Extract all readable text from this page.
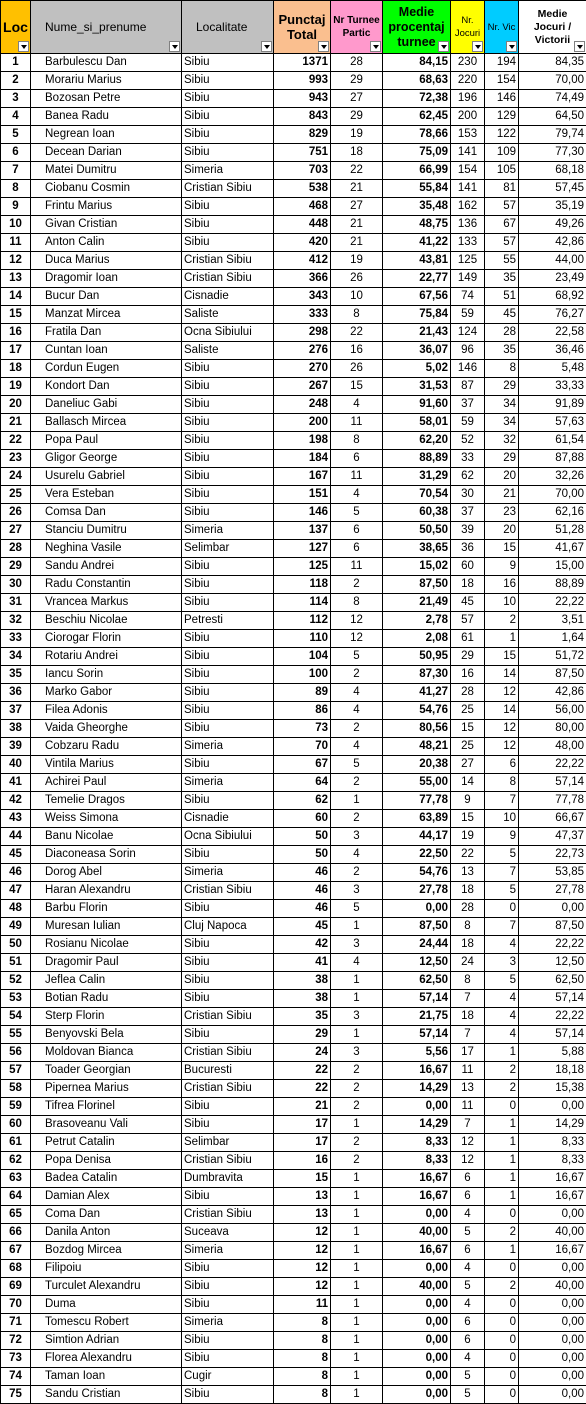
Loc	Nume_si_prenume	Localitate	Punctaj Total	Nr Turnee Partic	Medie procentaj turnee	Nr. Jocuri	Nr. Vic	Medie Jocuri / Victorii

1	Barbulescu Dan	Sibiu	1371	28	84,15	230	194	84,35
2	Morariu Marius	Sibiu	993	29	68,63	220	154	70,00
3	Bozosan Petre	Sibiu	943	27	72,38	196	146	74,49
4	Banea Radu	Sibiu	843	29	62,45	200	129	64,50
5	Negrean Ioan	Sibiu	829	19	78,66	153	122	79,74
6	Decean Darian	Sibiu	751	18	75,09	141	109	77,30
7	Matei Dumitru	Simeria	703	22	66,99	154	105	68,18
8	Ciobanu Cosmin	Cristian Sibiu	538	21	55,84	141	81	57,45
9	Frintu Marius	Sibiu	468	27	35,48	162	57	35,19
10	Givan Cristian	Sibiu	448	21	48,75	136	67	49,26
11	Anton Calin	Sibiu	420	21	41,22	133	57	42,86
12	Duca Marius	Cristian Sibiu	412	19	43,81	125	55	44,00
13	Dragomir Ioan	Cristian Sibiu	366	26	22,77	149	35	23,49
14	Bucur Dan	Cisnadie	343	10	67,56	74	51	68,92
15	Manzat Mircea	Saliste	333	8	75,84	59	45	76,27
16	Fratila Dan	Ocna Sibiului	298	22	21,43	124	28	22,58
17	Cuntan Ioan	Saliste	276	16	36,07	96	35	36,46
18	Cordun Eugen	Sibiu	270	26	5,02	146	8	5,48
19	Kondort Dan	Sibiu	267	15	31,53	87	29	33,33
20	Daneliuc Gabi	Sibiu	248	4	91,60	37	34	91,89
21	Ballasch Mircea	Sibiu	200	11	58,01	59	34	57,63
22	Popa Paul	Sibiu	198	8	62,20	52	32	61,54
23	Gligor George	Sibiu	184	6	88,89	33	29	87,88
24	Usurelu Gabriel	Sibiu	167	11	31,29	62	20	32,26
25	Vera Esteban	Sibiu	151	4	70,54	30	21	70,00
26	Comsa Dan	Sibiu	146	5	60,38	37	23	62,16
27	Stanciu Dumitru	Simeria	137	6	50,50	39	20	51,28
28	Neghina Vasile	Selimbar	127	6	38,65	36	15	41,67
29	Sandu Andrei	Sibiu	125	11	15,02	60	9	15,00
30	Radu Constantin	Sibiu	118	2	87,50	18	16	88,89
31	Vrancea Markus	Sibiu	114	8	21,49	45	10	22,22
32	Beschiu Nicolae	Petresti	112	12	2,78	57	2	3,51
33	Ciorogar Florin	Sibiu	110	12	2,08	61	1	1,64
34	Rotariu Andrei	Sibiu	104	5	50,95	29	15	51,72
35	Iancu Sorin	Sibiu	100	2	87,30	16	14	87,50
36	Marko Gabor	Sibiu	89	4	41,27	28	12	42,86
37	Filea Adonis	Sibiu	86	4	54,76	25	14	56,00
38	Vaida Gheorghe	Sibiu	73	2	80,56	15	12	80,00
39	Cobzaru Radu	Simeria	70	4	48,21	25	12	48,00
40	Vintila Marius	Sibiu	67	5	20,38	27	6	22,22
41	Achirei Paul	Simeria	64	2	55,00	14	8	57,14
42	Temelie Dragos	Sibiu	62	1	77,78	9	7	77,78
43	Weiss Simona	Cisnadie	60	2	63,89	15	10	66,67
44	Banu Nicolae	Ocna Sibiului	50	3	44,17	19	9	47,37
45	Diaconeasa Sorin	Sibiu	50	4	22,50	22	5	22,73
46	Dorog Abel	Simeria	46	2	54,76	13	7	53,85
47	Haran Alexandru	Cristian Sibiu	46	3	27,78	18	5	27,78
48	Barbu Florin	Sibiu	46	5	0,00	28	0	0,00
49	Muresan Iulian	Cluj Napoca	45	1	87,50	8	7	87,50
50	Rosianu Nicolae	Sibiu	42	3	24,44	18	4	22,22
51	Dragomir Paul	Sibiu	41	4	12,50	24	3	12,50
52	Jeflea Calin	Sibiu	38	1	62,50	8	5	62,50
53	Botian Radu	Sibiu	38	1	57,14	7	4	57,14
54	Sterp Florin	Cristian Sibiu	35	3	21,75	18	4	22,22
55	Benyovski Bela	Sibiu	29	1	57,14	7	4	57,14
56	Moldovan Bianca	Cristian Sibiu	24	3	5,56	17	1	5,88
57	Toader Georgian	Bucuresti	22	2	16,67	11	2	18,18
58	Pipernea Marius	Cristian Sibiu	22	2	14,29	13	2	15,38
59	Tifrea Florinel	Sibiu	21	2	0,00	11	0	0,00
60	Brasoveanu Vali	Sibiu	17	1	14,29	7	1	14,29
61	Petrut Catalin	Selimbar	17	2	8,33	12	1	8,33
62	Popa Denisa	Cristian Sibiu	16	2	8,33	12	1	8,33
63	Badea Catalin	Dumbravita	15	1	16,67	6	1	16,67
64	Damian Alex	Sibiu	13	1	16,67	6	1	16,67
65	Coma Dan	Cristian Sibiu	13	1	0,00	4	0	0,00
66	Danila Anton	Suceava	12	1	40,00	5	2	40,00
67	Bozdog Mircea	Simeria	12	1	16,67	6	1	16,67
68	Filipoiu	Sibiu	12	1	0,00	4	0	0,00
69	Turculet Alexandru	Sibiu	12	1	40,00	5	2	40,00
70	Duma	Sibiu	11	1	0,00	4	0	0,00
71	Tomescu Robert	Simeria	8	1	0,00	6	0	0,00
72	Simtion Adrian	Sibiu	8	1	0,00	6	0	0,00
73	Florea Alexandru	Sibiu	8	1	0,00	4	0	0,00
74	Taman Ioan	Cugir	8	1	0,00	5	0	0,00
75	Sandu Cristian	Sibiu	8	1	0,00	5	0	0,00
